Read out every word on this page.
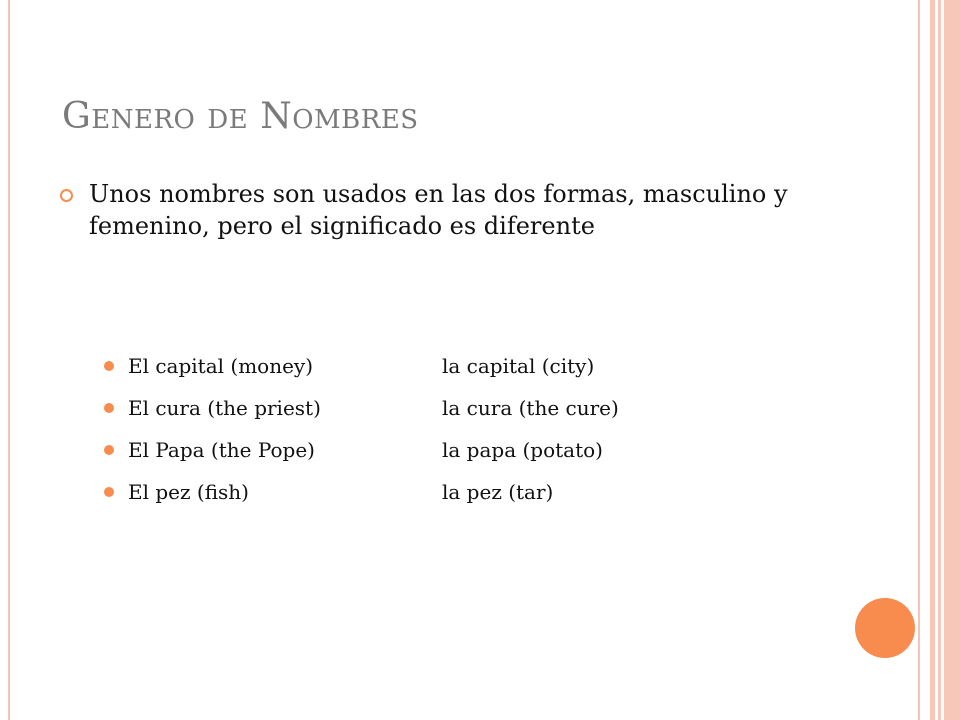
GENERO DE NOMBRES
Unos nombres son usados en las dos formas, masculino y femenino, pero el significado es diferente
El capital (money)	la capital (city)
El cura (the priest)	la cura (the cure)
El Papa (the Pope)	la papa (potato)
El pez (fish)	la pez (tar)
